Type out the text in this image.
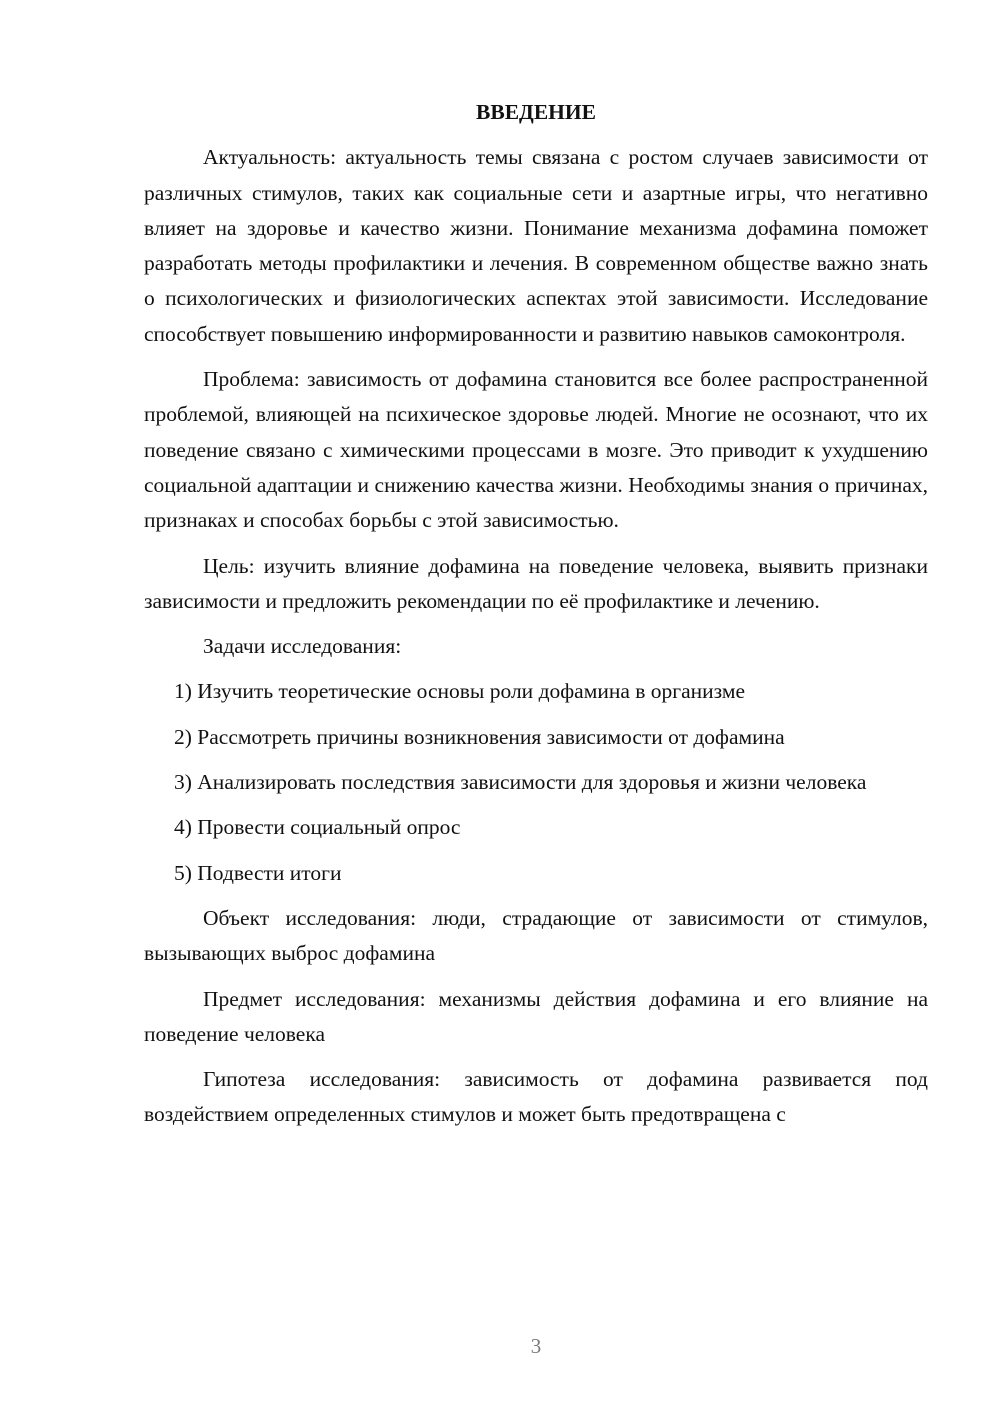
ВВЕДЕНИЕ

Актуальность: актуальность темы связана с ростом случаев зависимости от различных стимулов, таких как социальные сети и азартные игры, что негативно влияет на здоровье и качество жизни. Понимание механизма дофамина поможет разработать методы профилактики и лечения. В современном обществе важно знать о психологических и физиологических аспектах этой зависимости. Исследование способствует повышению информированности и развитию навыков самоконтроля.

Проблема: зависимость от дофамина становится все более распространенной проблемой, влияющей на психическое здоровье людей. Многие не осознают, что их поведение связано с химическими процессами в мозге. Это приводит к ухудшению социальной адаптации и снижению качества жизни. Необходимы знания о причинах, признаках и способах борьбы с этой зависимостью.

Цель: изучить влияние дофамина на поведение человека, выявить признаки зависимости и предложить рекомендации по её профилактике и лечению.

Задачи исследования:

1) Изучить теоретические основы роли дофамина в организме

2) Рассмотреть причины возникновения зависимости от дофамина

3) Анализировать последствия зависимости для здоровья и жизни человека

4) Провести социальный опрос

5) Подвести итоги

Объект исследования: люди, страдающие от зависимости от стимулов, вызывающих выброс дофамина

Предмет исследования: механизмы действия дофамина и его влияние на поведение человека

Гипотеза исследования: зависимость от дофамина развивается под воздействием определенных стимулов и может быть предотвращена с

3
